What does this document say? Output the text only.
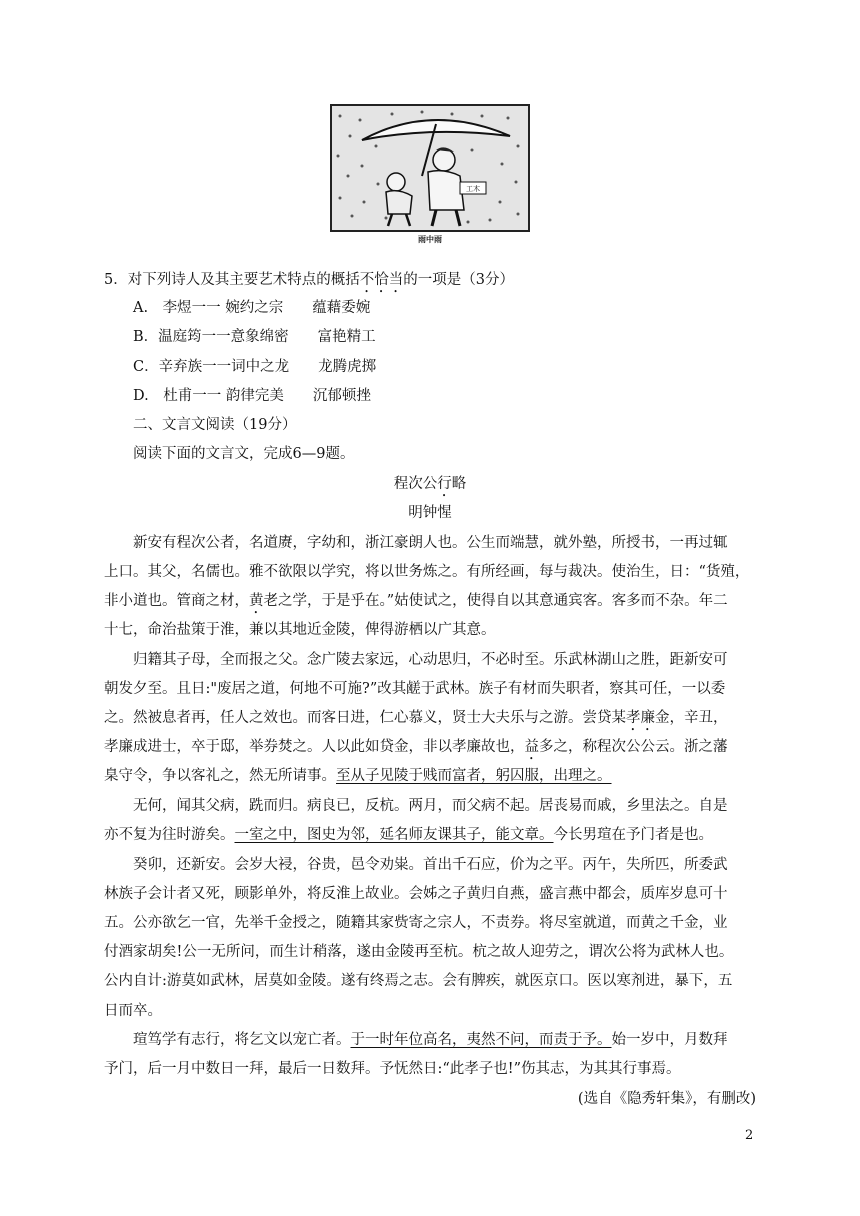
工木
雨中雨
5．对下列诗人及其主要艺术特点的概括不恰当的一项是（3分）
A.　李煜一一 婉约之宗　　蕴藉委婉
B．温庭筠一一意象绵密　　富艳精工
C．辛弃族一一词中之龙　　龙腾虎掷
D.　杜甫一一 韵律完美　　沉郁顿挫
二、文言文阅读（19分）
阅读下面的文言文，完成6—9题。
程次公行略
明钟惺
新安有程次公者，名道赓，字幼和，浙江豪朗人也。公生而端慧，就外塾，所授书，一再过辄
上口。其父，名儒也。雅不欲限以学究，将以世务炼之。有所经画，每与裁决。使治生，日：“货殖，
非小道也。管商之材，黄老之学，于是乎在。”姑使试之，使得自以其意通宾客。客多而不杂。年二
十七，命治盐策于淮，兼以其地近金陵，俾得游栖以广其意。
归籍其子母，全而报之父。念广陵去家远，心动思归，不必时至。乐武林湖山之胜，距新安可
朝发夕至。且日:"废居之道，何地不可施?”改其鹾于武林。族子有材而失职者，察其可任，一以委
之。然被息者再，任人之效也。而客日进，仁心慕义，贤士大夫乐与之游。尝贷某孝廉金，辛丑，
孝廉成进士，卒于邸，举券焚之。人以此如贷金，非以孝廉故也，益多之，称程次公公云。浙之藩
臬守令，争以客礼之，然无所请事。至从子见陵于贱而富者，躬囚服，出理之。
无何，闻其父病，跣而归。病良已，反杭。两月，而父病不起。居丧易而戚，乡里法之。自是
亦不复为往时游矣。一室之中，图史为邻，延名师友课其子，能文章。今长男瑄在予门者是也。
癸卯，还新安。会岁大祲，谷贵，邑令劝粜。首出千石应，价为之平。丙午，失所匹，所委武
林族子会计者又死，顾影单外，将反淮上故业。会姊之子黄归自燕，盛言燕中都会，质库岁息可十
五。公亦欲乞一官，先举千金授之，随籍其家赀寄之宗人，不责券。将尽室就道，而黄之千金，业
付酒家胡矣!公一无所问，而生计稍落，遂由金陵再至杭。杭之故人迎劳之，谓次公将为武林人也。
公内自计:游莫如武林，居莫如金陵。遂有终焉之志。会有脾疾，就医京口。医以寒剂进，暴下，五
日而卒。
瑄笃学有志行，将乞文以宠亡者。于一时年位高名，夷然不问，而责于予。始一岁中，月数拜
予门，后一月中数日一拜，最后一日数拜。予怃然日:“此孝子也!”伤其志，为其其行事焉。
(选自《隐秀轩集》，有删改)
2
